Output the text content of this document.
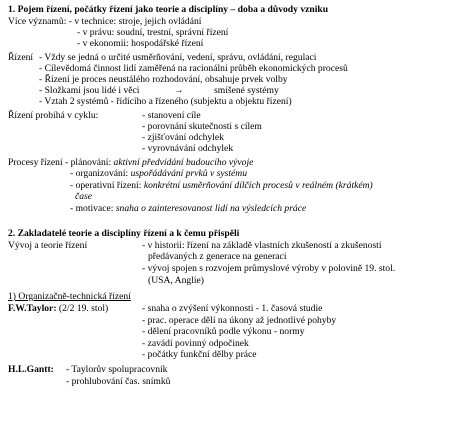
1. Pojem řízení, počátky řízení jako teorie a disciplíny – doba a důvody vzniku
Více významů: - v technice: stroje, jejich ovládání
- v právu: soudní, trestní, správní řízení
- v ekonomii: hospodářské řízení
Řízení - Vždy se jedná o určité usměrňování, vedení, správu, ovládání, regulaci
- Cílevědomá činnost lidí zaměřená na racionální průběh ekonomických procesů
- Řízení je proces neustálého rozhodování, obsahuje prvek volby
- Složkami jsou lidé i věci	→	smíšené systémy
- Vztah 2 systémů - řídícího a řízeného (subjektu a objektu řízení)
Řízení probíhá v cyklu:	- stanovení cíle
- porovnání skutečnosti s cílem
- zjišťování odchylek
- vyrovnávání odchylek
Procesy řízení - plánování: aktivní předvídání budoucího vývoje
- organizování: uspořádávání prvků v systému
- operativní řízení: konkrétní usměrňování dílčích procesů v reálném (krátkém)
čase
- motivace: snaha o zainteresovanost lidí na výsledcích práce
2. Zakladatelé teorie a disciplíny řízení a k čemu přispěli
Vývoj a teorie řízení	- v historii: řízení na základě vlastních zkušeností a zkušeností
předávaných z generace na generaci
- vývoj spojen s rozvojem průmyslové výroby v polovině 19. stol.
(USA, Anglie)
1) Organizačně-technická řízení
F.W.Taylor: (2/2 19. stol)	- snaha o zvýšení výkonnosti - 1. časová studie
- prac. operace dělí na úkony až jednotlivé pohyby
- dělení pracovníků podle výkonu - normy
- zavádí povinný odpočinek
- počátky funkční dělby práce
H.L.Gantt: - Taylorův spolupracovník
- prohlubování čas. snímků
